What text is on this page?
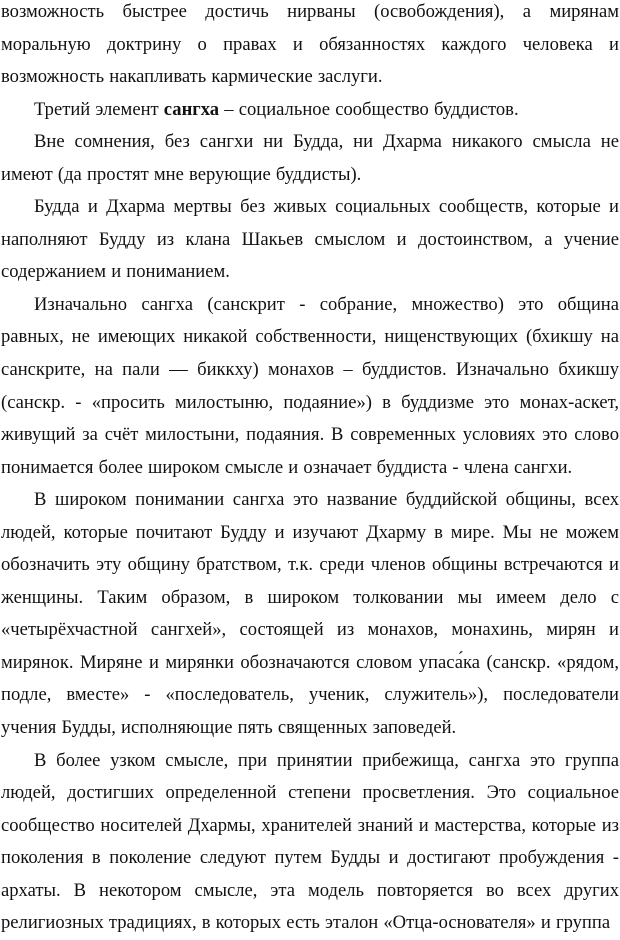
возможность быстрее достичь нирваны (освобождения), а мирянам моральную доктрину о правах и обязанностях каждого человека и возможность накапливать кармические заслуги.

Третий элемент сангха – социальное сообщество буддистов.

Вне сомнения, без сангхи ни Будда, ни Дхарма никакого смысла не имеют (да простят мне верующие буддисты).

Будда и Дхарма мертвы без живых социальных сообществ, которые и наполняют Будду из клана Шакьев смыслом и достоинством, а учение содержанием и пониманием.

Изначально сангха (санскрит - собрание, множество) это община равных, не имеющих никакой собственности, нищенствующих (бхикшу на санскрите, на пали — биккху) монахов – буддистов. Изначально бхикшу (санскр. - «просить милостыню, подаяние») в буддизме это монах-аскет, живущий за счёт милостыни, подаяния. В современных условиях это слово понимается более широком смысле и означает буддиста - члена сангхи.

В широком понимании сангха это название буддийской общины, всех людей, которые почитают Будду и изучают Дхарму в мире. Мы не можем обозначить эту общину братством, т.к. среди членов общины встречаются и женщины. Таким образом, в широком толковании мы имеем дело с «четырёхчастной сангхей», состоящей из монахов, монахинь, мирян и мирянок. Миряне и мирянки обозначаются словом упаса́ка (санскр. «рядом, подле, вместе» - «последователь, ученик, служитель»), последователи учения Будды, исполняющие пять священных заповедей.

В более узком смысле, при принятии прибежища, сангха это группа людей, достигших определенной степени просветления. Это социальное сообщество носителей Дхармы, хранителей знаний и мастерства, которые из поколения в поколение следуют путем Будды и достигают пробуждения - архаты. В некотором смысле, эта модель повторяется во всех других религиозных традициях, в которых есть эталон «Отца-основателя» и группа
